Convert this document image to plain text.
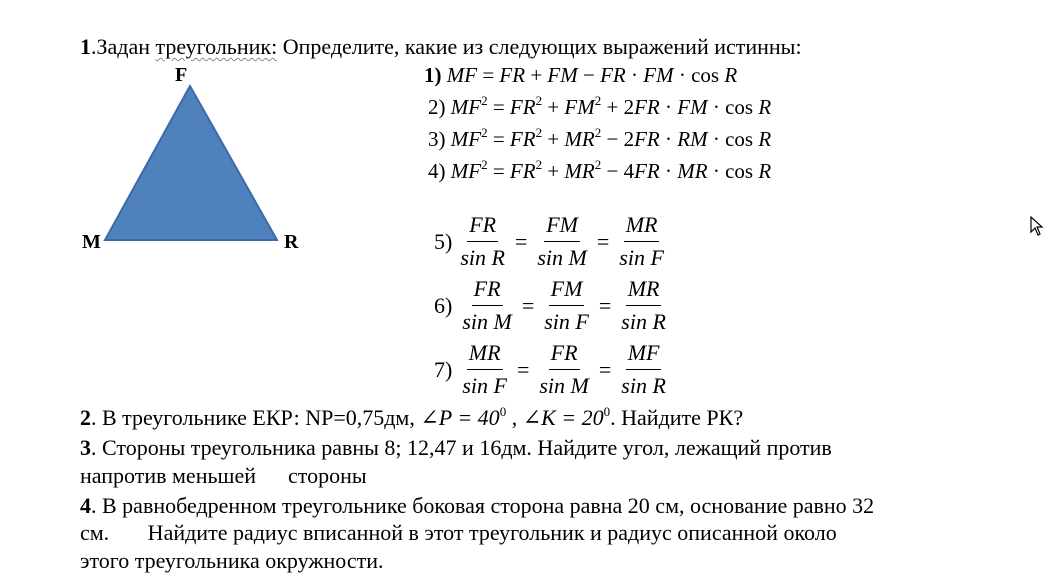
1.Задан треугольник: Определите, какие из следующих выражений истинны:
F
M	R
1) MF = FR + FM − FR · FM · cos R
2) $MF^2 = FR^2 + FM^2 + 2FR$ · FM · cos R
3) $MF^2 = FR^2 + MR^2 - 2FR$ · RM · cos R
4) $MF^2 = FR^2 + MR^2 - 4FR$ · MR · cos R
$5) \frac{FR}{\text{sin R}} = \frac{FM}{\text{sin M}} = \frac{MR}{\text{sin F}}$
$6) \frac{FR}{\text{sin M}} = \frac{FM}{\text{sin F}} = \frac{MR}{\text{sin R}}$
$7) \frac{MR}{\text{sin F}} = \frac{FR}{\text{sin M}} = \frac{MF}{\text{sin R}}$
2. В треугольнике ЕКР: NP=0,75дм, ∠P = $40^0$ , ∠K = $20^0$. Найдите РК?
3. Стороны треугольника равны 8; 12,47 и 16дм. Найдите угол, лежащий против
напротив меньшей стороны
4. В равнобедренном треугольнике боковая сторона равна 20 см, основание равно 32
см.       Найдите радиус вписанной в этот треугольник и радиус описанной около
этого треугольника окружности.
